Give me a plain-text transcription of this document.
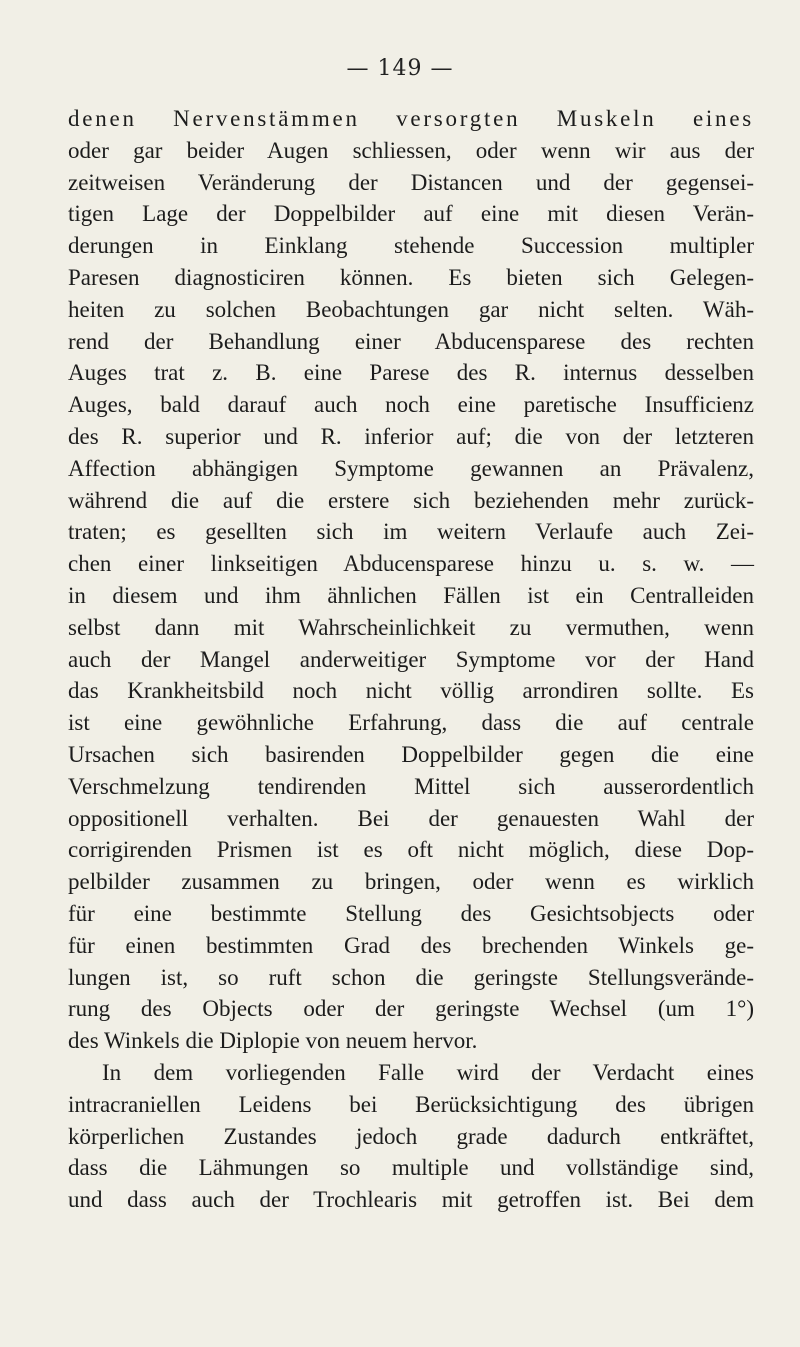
— 149 —
denen Nervenstämmen versorgten Muskeln eines
oder gar beider Augen schliessen, oder wenn wir aus der
zeitweisen Veränderung der Distancen und der gegensei-
tigen Lage der Doppelbilder auf eine mit diesen Verän-
derungen in Einklang stehende Succession multipler
Paresen diagnosticiren können. Es bieten sich Gelegen-
heiten zu solchen Beobachtungen gar nicht selten. Wäh-
rend der Behandlung einer Abducensparese des rechten
Auges trat z. B. eine Parese des R. internus desselben
Auges, bald darauf auch noch eine paretische Insufficienz
des R. superior und R. inferior auf; die von der letzteren
Affection abhängigen Symptome gewannen an Prävalenz,
während die auf die erstere sich beziehenden mehr zurück-
traten; es gesellten sich im weitern Verlaufe auch Zei-
chen einer linkseitigen Abducensparese hinzu u. s. w. —
in diesem und ihm ähnlichen Fällen ist ein Centralleiden
selbst dann mit Wahrscheinlichkeit zu vermuthen, wenn
auch der Mangel anderweitiger Symptome vor der Hand
das Krankheitsbild noch nicht völlig arrondiren sollte. Es
ist eine gewöhnliche Erfahrung, dass die auf centrale
Ursachen sich basirenden Doppelbilder gegen die eine
Verschmelzung tendirenden Mittel sich ausserordentlich
oppositionell verhalten. Bei der genauesten Wahl der
corrigirenden Prismen ist es oft nicht möglich, diese Dop-
pelbilder zusammen zu bringen, oder wenn es wirklich
für eine bestimmte Stellung des Gesichtsobjects oder
für einen bestimmten Grad des brechenden Winkels ge-
lungen ist, so ruft schon die geringste Stellungsverände-
rung des Objects oder der geringste Wechsel (um 1°)
des Winkels die Diplopie von neuem hervor.
In dem vorliegenden Falle wird der Verdacht eines
intracraniellen Leidens bei Berücksichtigung des übrigen
körperlichen Zustandes jedoch grade dadurch entkräftet,
dass die Lähmungen so multiple und vollständige sind,
und dass auch der Trochlearis mit getroffen ist. Bei dem
